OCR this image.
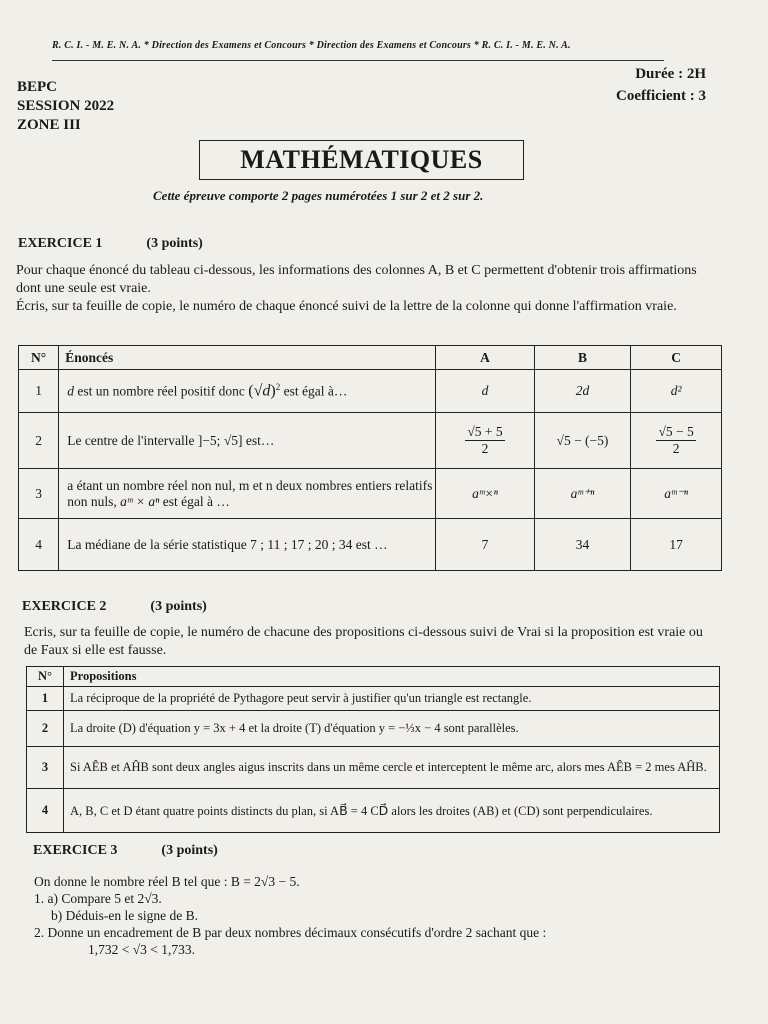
R. C. I. - M. E. N. A. * Direction des Examens et Concours * Direction des Examens et Concours * R. C. I. - M. E. N. A.
BEPC
SESSION 2022
ZONE III
Durée : 2H
Coefficient : 3
MATHÉMATIQUES
Cette épreuve comporte 2 pages numérotées 1 sur 2 et 2 sur 2.
EXERCICE 1	(3 points)
Pour chaque énoncé du tableau ci-dessous, les informations des colonnes A, B et C permettent d'obtenir trois affirmations dont une seule est vraie.
Écris, sur ta feuille de copie, le numéro de chaque énoncé suivi de la lettre de la colonne qui donne l'affirmation vraie.
N°	Énoncés	A	B	C
1	d est un nombre réel positif donc $(√d)^2$ est égal à…	d	2d	d²
2	Le centre de l'intervalle ]−5; √5] est…	$\frac{√5 + 5}{2}$	√5 − (−5)	$\frac{√5 - 5}{2}$

3	a étant un nombre réel non nul, m et n deux nombres entiers relatifs non nuls, aᵐ × aⁿ est égal à …	aᵐ×ⁿ	aᵐ⁺ⁿ	aᵐ⁻ⁿ
4	La médiane de la série statistique 7 ; 11 ; 17 ; 20 ; 34 est …	7	34	17
EXERCICE 2	(3 points)
Ecris, sur ta feuille de copie, le numéro de chacune des propositions ci-dessous suivi de Vrai si la proposition est vraie ou de Faux si elle est fausse.
N°	Propositions
1	La réciproque de la propriété de Pythagore peut servir à justifier qu'un triangle est rectangle.
2	La droite (D) d'équation y = 3x + 4 et la droite (T) d'équation y = −⅓x − 4 sont parallèles.
3	Si AÊB et AĤB sont deux angles aigus inscrits dans un même cercle et interceptent le même arc, alors mes AÊB = 2 mes AĤB.
4	A, B, C et D étant quatre points distincts du plan, si AB⃗ = 4 CD⃗ alors les droites (AB) et (CD) sont perpendiculaires.
EXERCICE 3	(3 points)
On donne le nombre réel B tel que : B = 2√3 − 5.
1. a) Compare 5 et 2√3.
b) Déduis-en le signe de B.
2. Donne un encadrement de B par deux nombres décimaux consécutifs d'ordre 2 sachant que :
1,732 < √3 < 1,733.
